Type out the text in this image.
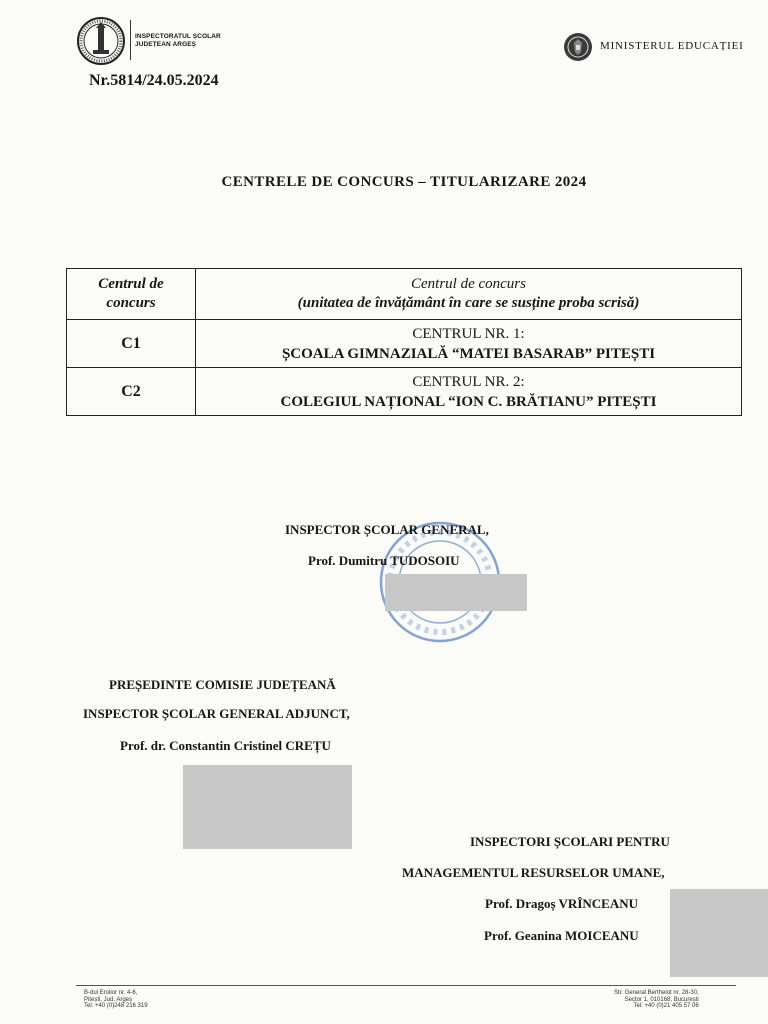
INSPECTORATUL ȘCOLAR
JUDEȚEAN ARGEȘ	MINISTERUL EDUCAȚIEI
Nr.5814/24.05.2024
CENTRELE DE CONCURS – TITULARIZARE 2024
Centrul de
concurs	Centrul de concurs
(unitatea de învățământ în care se susține proba scrisă)

C1	CENTRUL NR. 1:
ȘCOALA GIMNAZIALĂ “MATEI BASARAB” PITEȘTI

C2	CENTRUL NR. 2:
COLEGIUL NAȚIONAL “ION C. BRĂTIANU” PITEȘTI
INSPECTOR ȘCOLAR GENERAL,
Prof. Dumitru TUDOSOIU
PREȘEDINTE COMISIE JUDEȚEANĂ
INSPECTOR ȘCOLAR GENERAL ADJUNCT,
Prof. dr. Constantin Cristinel CREȚU
INSPECTORI ȘCOLARI PENTRU
MANAGEMENTUL RESURSELOR UMANE,
Prof. Dragoș VRÎNCEANU
Prof. Geanina MOICEANU
B-dul Eroilor nr. 4-6,
Pitești, Jud. Argeș
Tel: +40 (0)248 216 319
Str. General Berthelot nr. 28-30,
Sector 1, 010168, București
Tel: +40 (0)21 405 57 06
